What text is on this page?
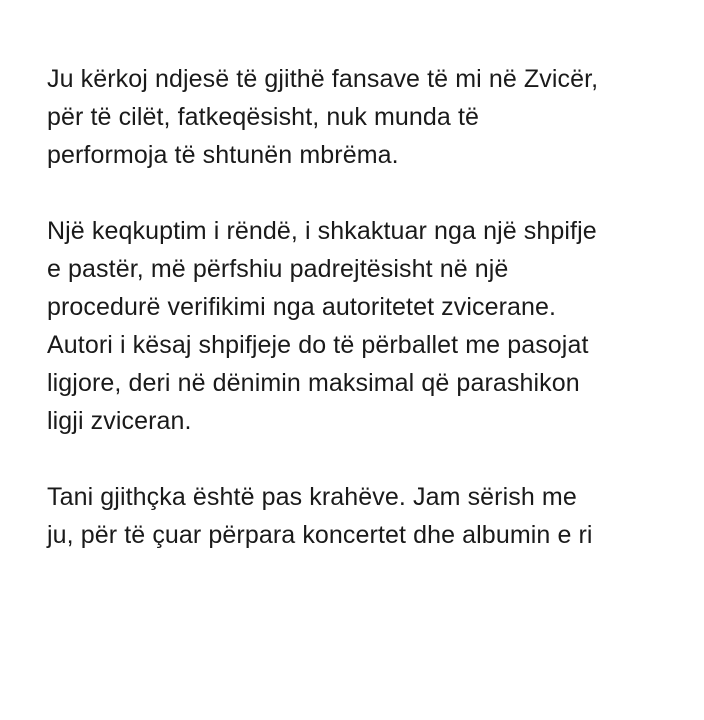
Ju kërkoj ndjesë të gjithë fansave të mi në Zvicër,
për të cilët, fatkeqësisht, nuk munda të
performoja të shtunën mbrëma.

Një keqkuptim i rëndë, i shkaktuar nga një shpifje
e pastër, më përfshiu padrejtësisht në një
procedurë verifikimi nga autoritetet zvicerane.
Autori i kësaj shpifjeje do të përballet me pasojat
ligjore, deri në dënimin maksimal që parashikon
ligji zviceran.

Tani gjithçka është pas krahëve. Jam sërish me
ju, për të çuar përpara koncertet dhe albumin e ri
